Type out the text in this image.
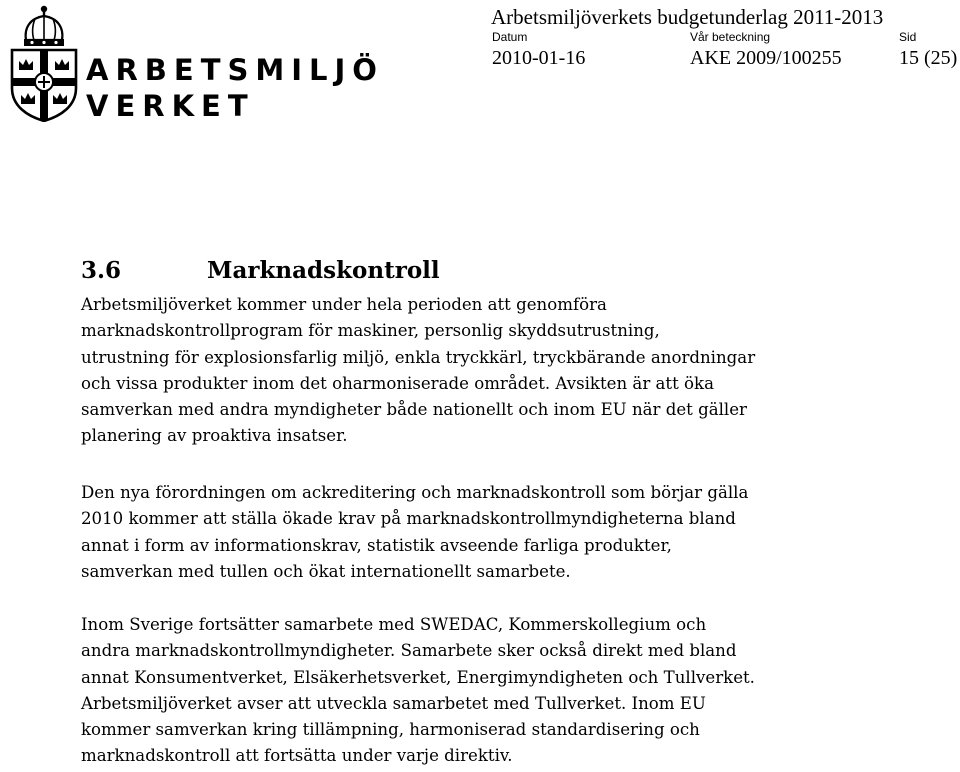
ARBETSMILJÖ
VERKET
Arbetsmiljöverkets budgetunderlag 2011-2013
Datum	Vår beteckning	Sid
2010-01-16	AKE 2009/100255	15 (25)
3.6	Marknadskontroll

Arbetsmiljöverket kommer under hela perioden att genomföra
marknadskontrollprogram för maskiner, personlig skyddsutrustning,
utrustning för explosionsfarlig miljö, enkla tryckkärl, tryckbärande anordningar
och vissa produkter inom det oharmoniserade området. Avsikten är att öka
samverkan med andra myndigheter både nationellt och inom EU när det gäller
planering av proaktiva insatser.

Den nya förordningen om ackreditering och marknadskontroll som börjar gälla
2010 kommer att ställa ökade krav på marknadskontrollmyndigheterna bland
annat i form av informationskrav, statistik avseende farliga produkter,
samverkan med tullen och ökat internationellt samarbete.

Inom Sverige fortsätter samarbete med SWEDAC, Kommerskollegium och
andra marknadskontrollmyndigheter. Samarbete sker också direkt med bland
annat Konsumentverket, Elsäkerhetsverket, Energimyndigheten och Tullverket.
Arbetsmiljöverket avser att utveckla samarbetet med Tullverket. Inom EU
kommer samverkan kring tillämpning, harmoniserad standardisering och
marknadskontroll att fortsätta under varje direktiv.
